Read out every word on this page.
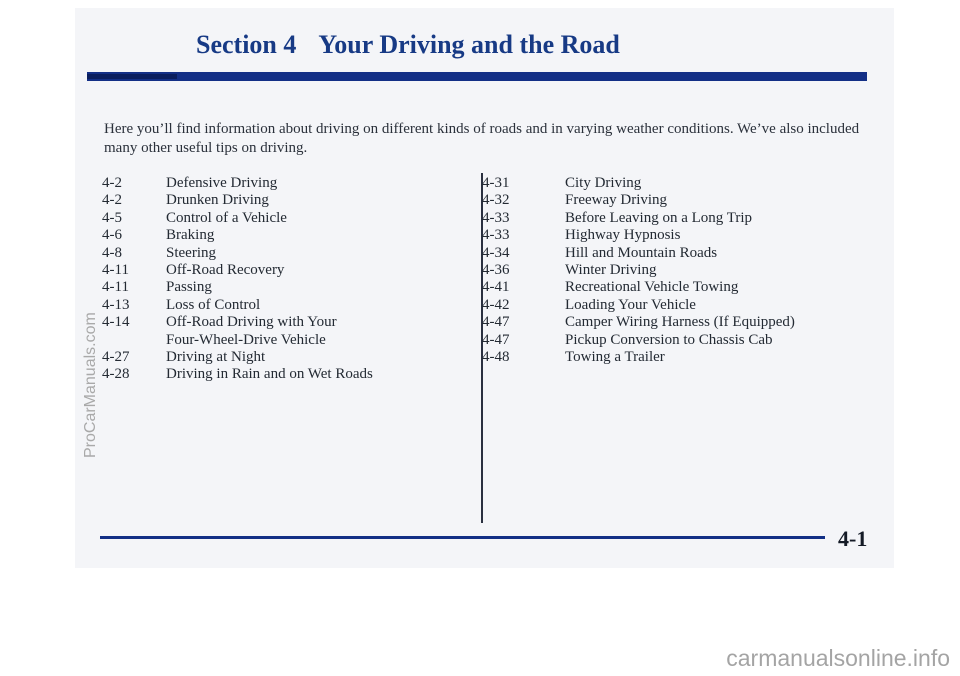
Section 4 Your Driving and the Road

Here you’ll find information about driving on different kinds of roads and in varying weather conditions. We’ve also included many other useful tips on driving.

4-2	Defensive Driving
4-2	Drunken Driving
4-5	Control of a Vehicle
4-6	Braking
4-8	Steering
4-11	Off-Road Recovery
4-11	Passing
4-13	Loss of Control
4-14	Off-Road Driving with Your
Four-Wheel-Drive Vehicle
4-27	Driving at Night
4-28	Driving in Rain and on Wet Roads
4-31	City Driving
4-32	Freeway Driving
4-33	Before Leaving on a Long Trip
4-33	Highway Hypnosis
4-34	Hill and Mountain Roads
4-36	Winter Driving
4-41	Recreational Vehicle Towing
4-42	Loading Your Vehicle
4-47	Camper Wiring Harness (If Equipped)
4-47	Pickup Conversion to Chassis Cab
4-48	Towing a Trailer
4-1
ProCarManuals.com
carmanualsonline.info
